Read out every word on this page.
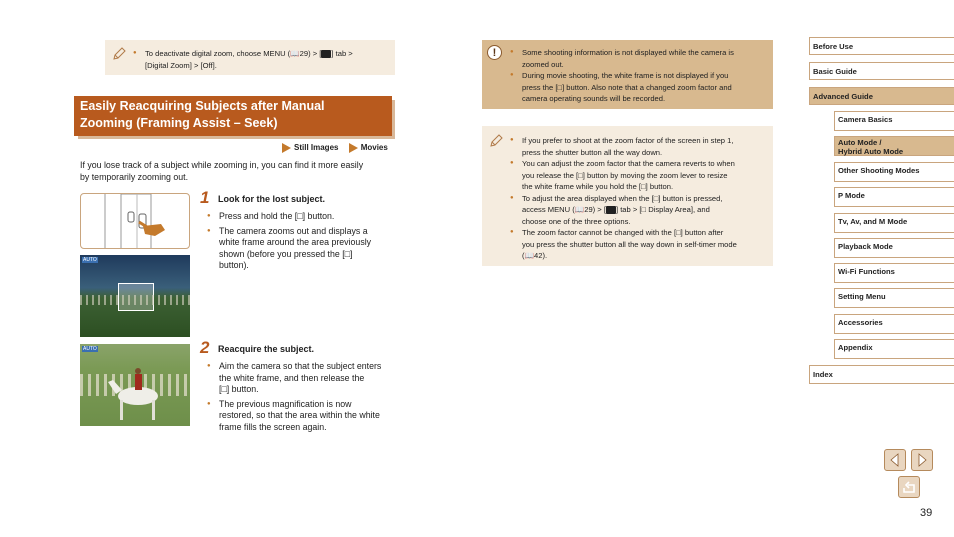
● To deactivate digital zoom, choose MENU (📖29) > [ ] tab >
[Digital Zoom] > [Off].
Easily Reacquiring Subjects after Manual
Zooming (Framing Assist – Seek)
Still Images	Movies
If you lose track of a subject while zooming in, you can find it more easily
by temporarily zooming out.
AUTO
1 Look for the lost subject.
● Press and hold the [□] button.
● The camera zooms out and displays a
white frame around the area previously
shown (before you pressed the [□]
button).
AUTO	2 Reacquire the subject.
● Aim the camera so that the subject enters
the white frame, and then release the
[□] button.
● The previous magnification is now
restored, so that the area within the white
frame fills the screen again.
!
●	Some shooting information is not displayed while the camera is
zoomed out.
● During movie shooting, the white frame is not displayed if you
press the [□] button. Also note that a changed zoom factor and
camera operating sounds will be recorded.
● If you prefer to shoot at the zoom factor of the screen in step 1,
press the shutter button all the way down.
● You can adjust the zoom factor that the camera reverts to when
you release the [□] button by moving the zoom lever to resize
the white frame while you hold the [□] button.
● To adjust the area displayed when the [□] button is pressed,
access MENU (📖29) > [ ] tab > [□ Display Area], and
choose one of the three options.
● The zoom factor cannot be changed with the [□] button after
you press the shutter button all the way down in self-timer mode
(📖42).
Before Use
Basic Guide
Advanced Guide
Camera Basics
Auto Mode /
Hybrid Auto Mode
Other Shooting Modes
P Mode
Tv, Av, and M Mode
Playback Mode
Wi-Fi Functions
Setting Menu
Accessories
Appendix
Index
39
